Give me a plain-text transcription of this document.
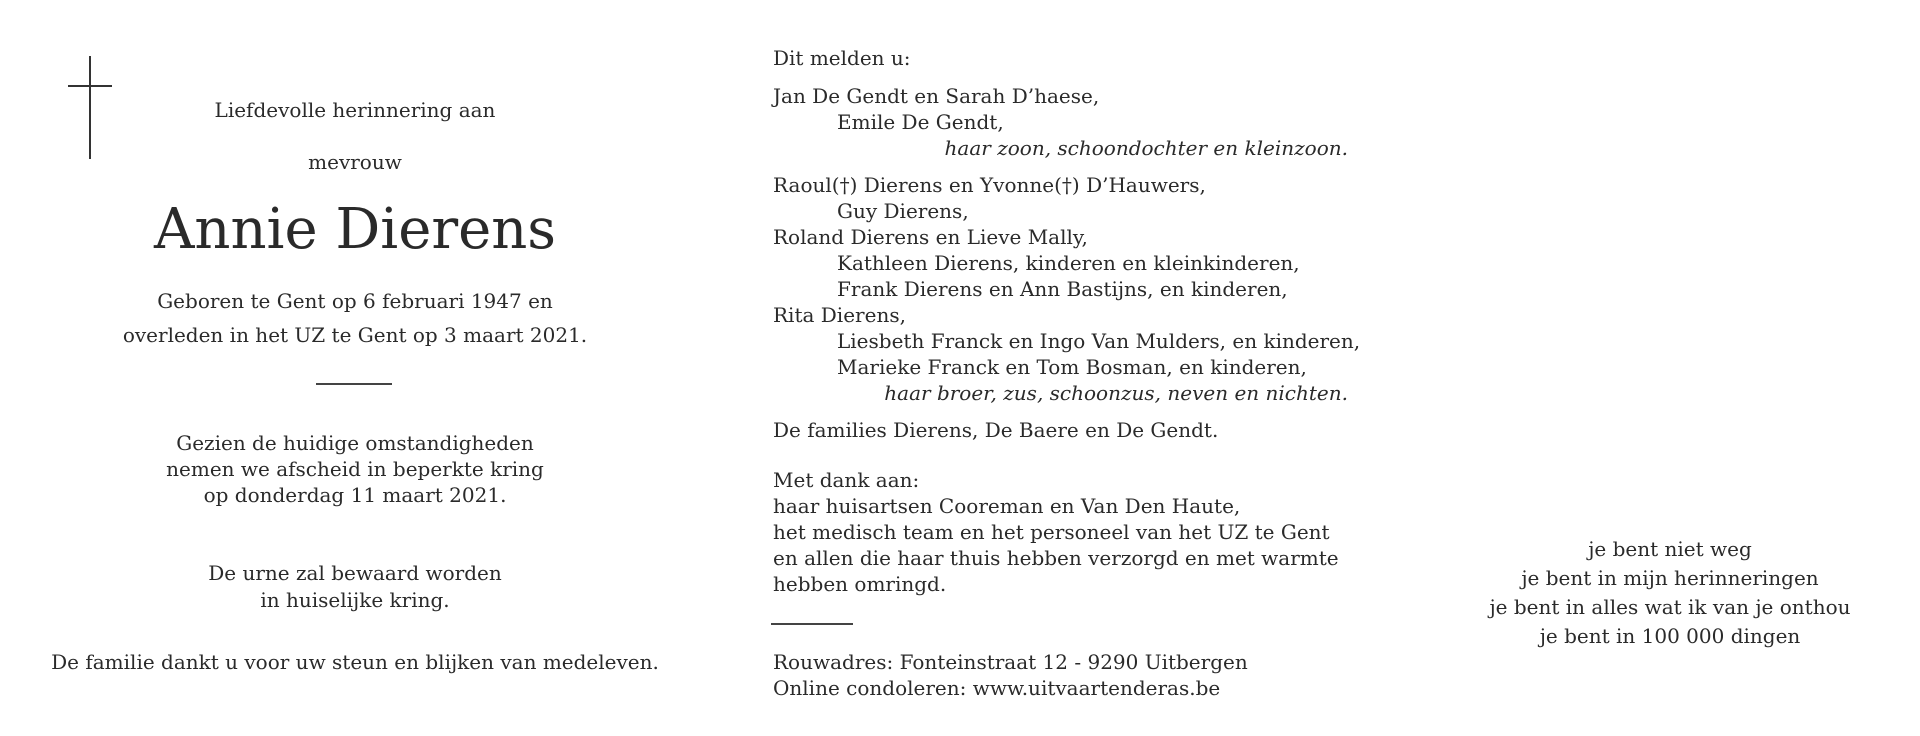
Liefdevolle herinnering aan
mevrouw
Annie Dierens
Geboren te Gent op 6 februari 1947 en
overleden in het UZ te Gent op 3 maart 2021.
Gezien de huidige omstandigheden
nemen we afscheid in beperkte kring
op donderdag 11 maart 2021.
De urne zal bewaard worden
in huiselijke kring.
De familie dankt u voor uw steun en blijken van medeleven.
Dit melden u:
Jan De Gendt en Sarah D’haese,
Emile De Gendt,
haar zoon, schoondochter en kleinzoon.
Raoul(†) Dierens en Yvonne(†) D’Hauwers,
Guy Dierens,
Roland Dierens en Lieve Mally,
Kathleen Dierens, kinderen en kleinkinderen,
Frank Dierens en Ann Bastijns, en kinderen,
Rita Dierens,
Liesbeth Franck en Ingo Van Mulders, en kinderen,
Marieke Franck en Tom Bosman, en kinderen,
haar broer, zus, schoonzus, neven en nichten.
De families Dierens, De Baere en De Gendt.
Met dank aan:
haar huisartsen Cooreman en Van Den Haute,
het medisch team en het personeel van het UZ te Gent
en allen die haar thuis hebben verzorgd en met warmte
hebben omringd.
Rouwadres: Fonteinstraat 12 - 9290 Uitbergen
Online condoleren: www.uitvaartenderas.be
je bent niet weg
je bent in mijn herinneringen
je bent in alles wat ik van je onthou
je bent in 100 000 dingen
